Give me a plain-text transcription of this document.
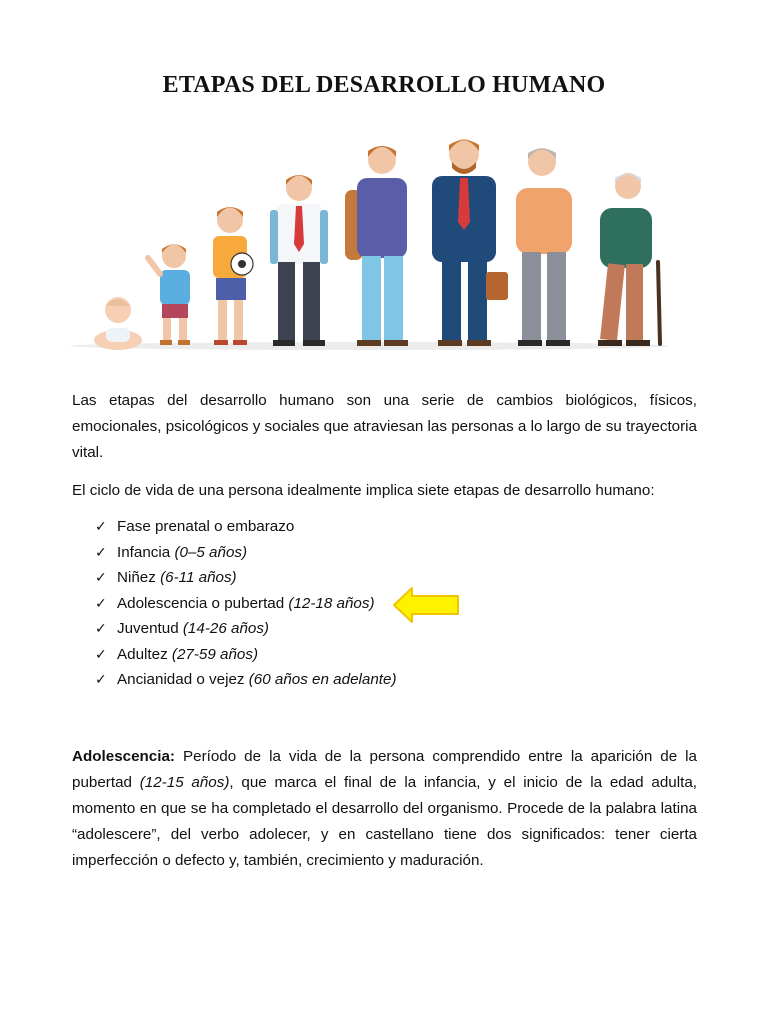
ETAPAS DEL DESARROLLO HUMANO

Las etapas del desarrollo humano son una serie de cambios biológicos, físicos, emocionales, psicológicos y sociales que atraviesan las personas a lo largo de su trayectoria vital.

El ciclo de vida de una persona idealmente implica siete etapas de desarrollo humano:

✓ Fase prenatal o embarazo
✓ Infancia (0–5 años)
✓ Niñez (6-11 años)
✓ Adolescencia o pubertad (12-18 años)
✓ Juventud (14-26 años)
✓ Adultez (27-59 años)
✓ Ancianidad o vejez (60 años en adelante)

Adolescencia: Período de la vida de la persona comprendido entre la aparición de la pubertad (12-15 años), que marca el final de la infancia, y el inicio de la edad adulta, momento en que se ha completado el desarrollo del organismo. Procede de la palabra latina “adolescere”, del verbo adolecer, y en castellano tiene dos significados: tener cierta imperfección o defecto y, también, crecimiento y maduración.
